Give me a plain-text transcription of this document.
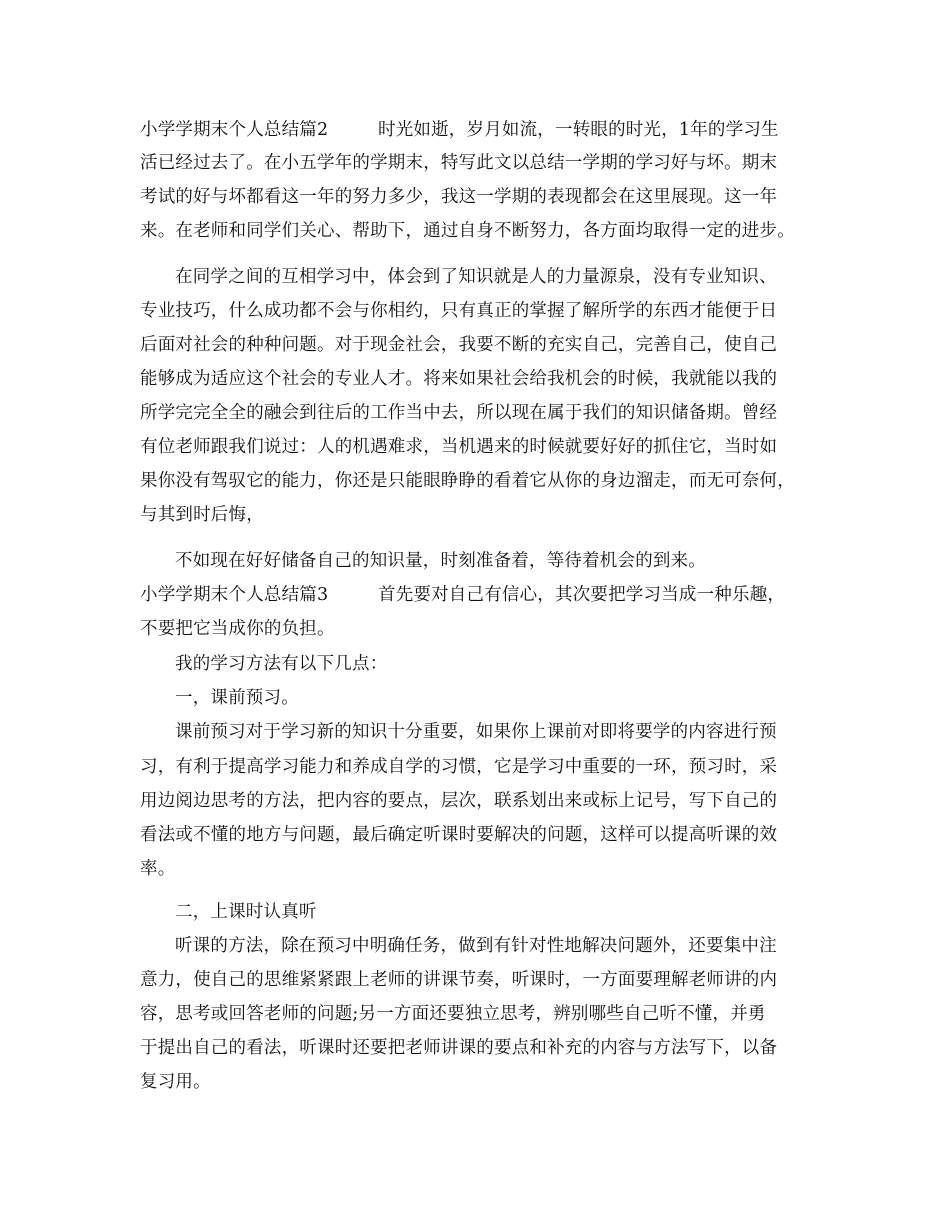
小学学期末个人总结篇2	时光如逝，岁月如流，一转眼的时光，1年的学习生
活已经过去了。在小五学年的学期末，特写此文以总结一学期的学习好与坏。期末
考试的好与坏都看这一年的努力多少，我这一学期的表现都会在这里展现。这一年
来。在老师和同学们关心、帮助下，通过自身不断努力，各方面均取得一定的进步。
在同学之间的互相学习中，体会到了知识就是人的力量源泉，没有专业知识、
专业技巧，什么成功都不会与你相约，只有真正的掌握了解所学的东西才能便于日
后面对社会的种种问题。对于现金社会，我要不断的充实自己，完善自己，使自己
能够成为适应这个社会的专业人才。将来如果社会给我机会的时候，我就能以我的
所学完完全全的融会到往后的工作当中去，所以现在属于我们的知识储备期。曾经
有位老师跟我们说过：人的机遇难求，当机遇来的时候就要好好的抓住它，当时如
果你没有驾驭它的能力，你还是只能眼睁睁的看着它从你的身边溜走，而无可奈何，
与其到时后悔，
不如现在好好储备自己的知识量，时刻准备着，等待着机会的到来。
小学学期末个人总结篇3	首先要对自己有信心，其次要把学习当成一种乐趣，
不要把它当成你的负担。
我的学习方法有以下几点：
一，课前预习。
课前预习对于学习新的知识十分重要，如果你上课前对即将要学的内容进行预
习，有利于提高学习能力和养成自学的习惯，它是学习中重要的一环，预习时，采
用边阅边思考的方法，把内容的要点，层次，联系划出来或标上记号，写下自己的
看法或不懂的地方与问题，最后确定听课时要解决的问题，这样可以提高听课的效
率。
二，上课时认真听
听课的方法，除在预习中明确任务，做到有针对性地解决问题外，还要集中注
意力，使自己的思维紧紧跟上老师的讲课节奏，听课时，一方面要理解老师讲的内
容，思考或回答老师的问题;另一方面还要独立思考，辨别哪些自己听不懂，并勇
于提出自己的看法，听课时还要把老师讲课的要点和补充的内容与方法写下，以备
复习用。
